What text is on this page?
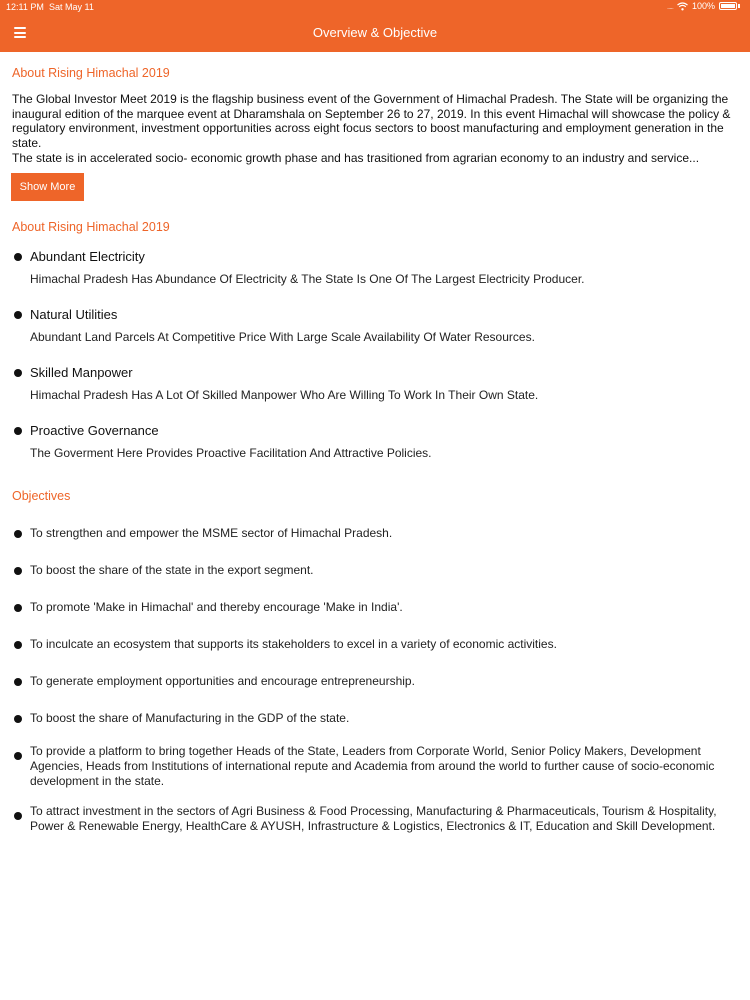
12:11 PM Sat May 11	..... 100%
Overview & Objective
About Rising Himachal 2019

The Global Investor Meet 2019 is the flagship business event of the Government of Himachal Pradesh. The State will be organizing the inaugural edition of the marquee event at Dharamshala on September 26 to 27, 2019. In this event Himachal will showcase the policy & regulatory environment, investment opportunities across eight focus sectors to boost manufacturing and employment generation in the state.

The state is in accelerated socio- economic growth phase and has trasitioned from agrarian economy to an industry and service...

Show More
About Rising Himachal 2019
Abundant Electricity
Himachal Pradesh Has Abundance Of Electricity & The State Is One Of The Largest Electricity Producer.
Natural Utilities
Abundant Land Parcels At Competitive Price With Large Scale Availability Of Water Resources.
Skilled Manpower
Himachal Pradesh Has A Lot Of Skilled Manpower Who Are Willing To Work In Their Own State.
Proactive Governance
The Goverment Here Provides Proactive Facilitation And Attractive Policies.
Objectives
To strengthen and empower the MSME sector of Himachal Pradesh.
To boost the share of the state in the export segment.
To promote 'Make in Himachal' and thereby encourage 'Make in India'.
To inculcate an ecosystem that supports its stakeholders to excel in a variety of economic activities.
To generate employment opportunities and encourage entrepreneurship.
To boost the share of Manufacturing in the GDP of the state.
To provide a platform to bring together Heads of the State, Leaders from Corporate World, Senior Policy Makers, Development Agencies, Heads from Institutions of international repute and Academia from around the world to further cause of socio-economic development in the state.
To attract investment in the sectors of Agri Business & Food Processing, Manufacturing & Pharmaceuticals, Tourism & Hospitality, Power & Renewable Energy, HealthCare & AYUSH, Infrastructure & Logistics, Electronics & IT, Education and Skill Development.
